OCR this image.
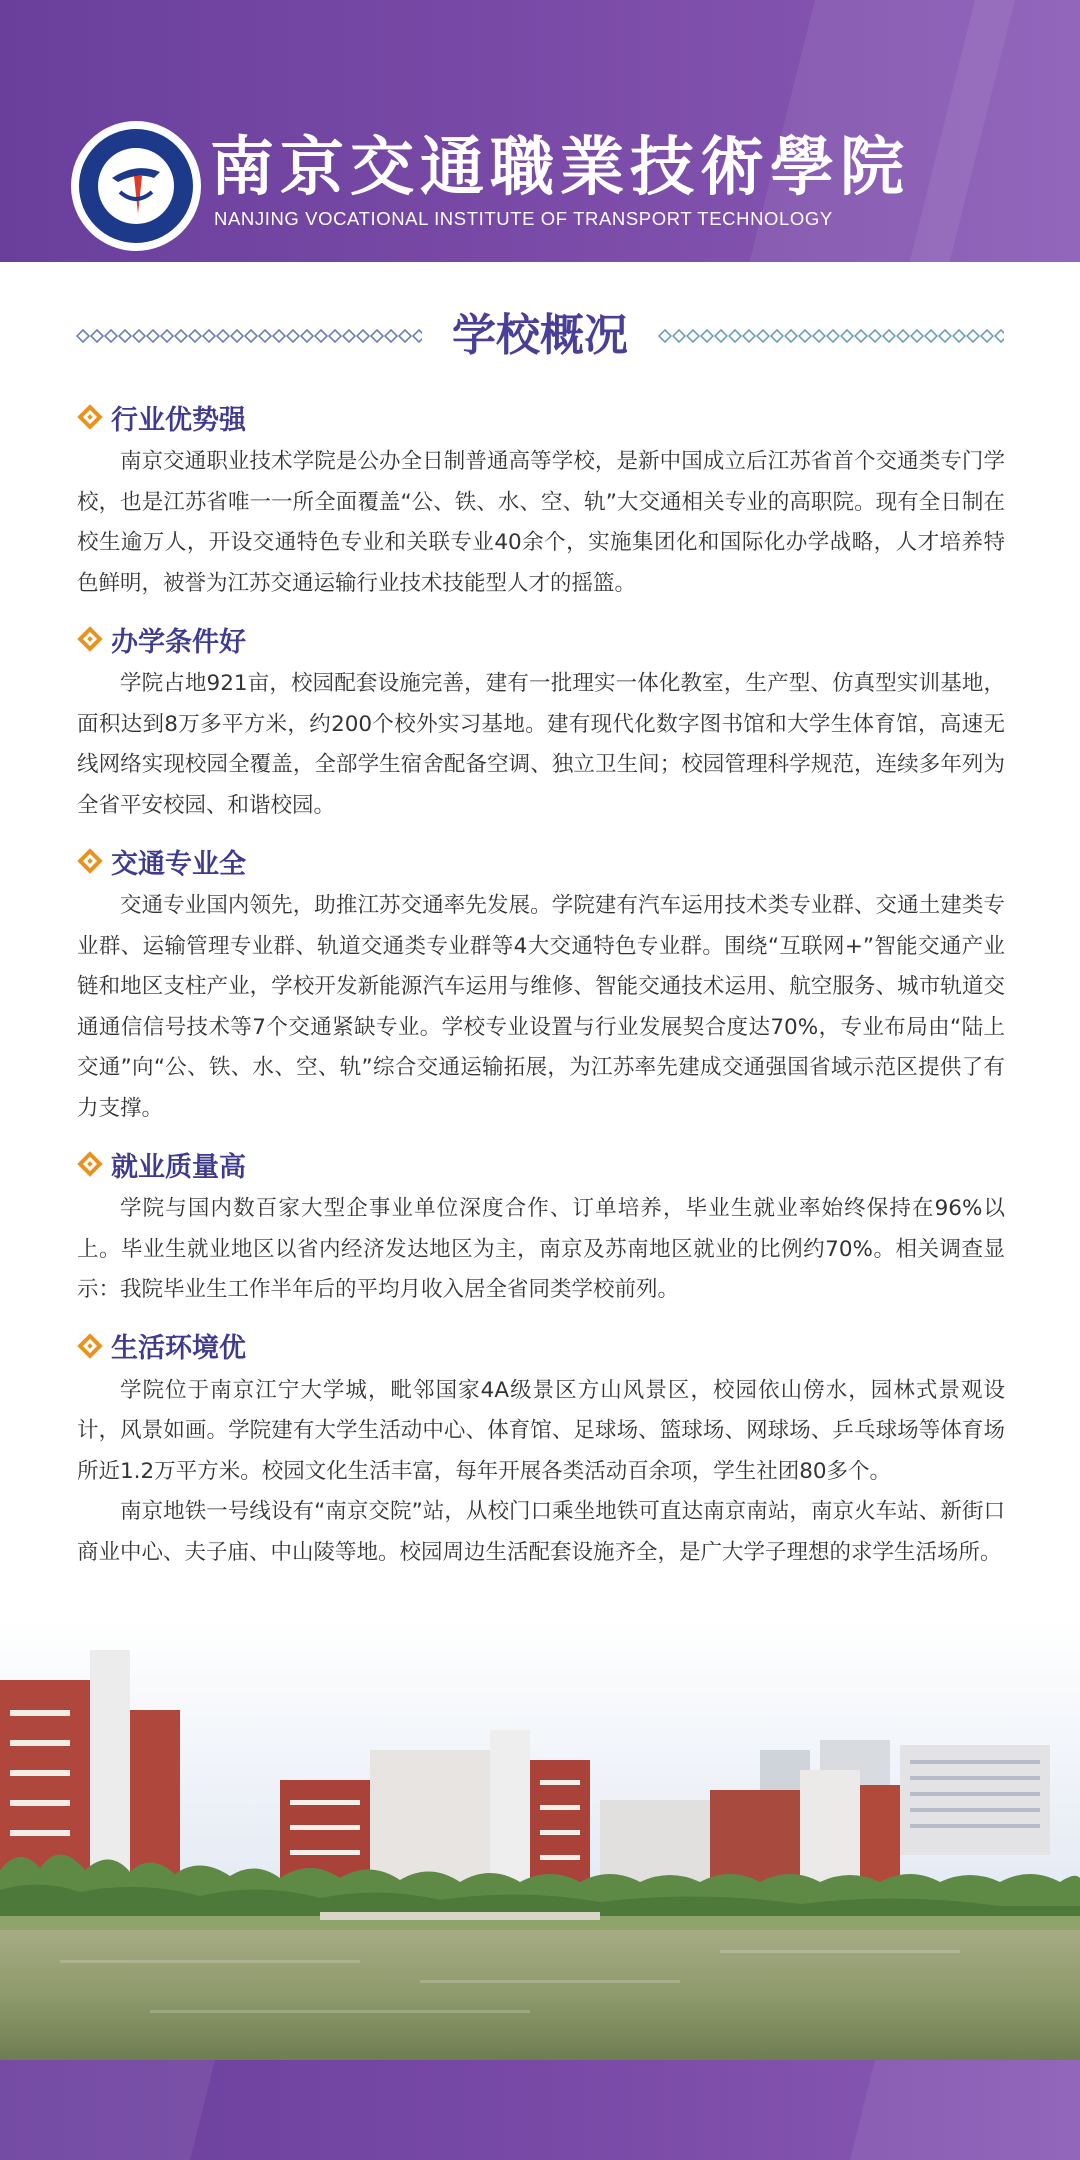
南京交通職業技術學院
NANJING VOCATIONAL INSTITUTE OF TRANSPORT TECHNOLOGY
学校概况
行业优势强

南京交通职业技术学院是公办全日制普通高等学校，是新中国成立后江苏省首个交通类专门学校，也是江苏省唯一一所全面覆盖“公、铁、水、空、轨”大交通相关专业的高职院。现有全日制在校生逾万人，开设交通特色专业和关联专业40余个，实施集团化和国际化办学战略，人才培养特色鲜明，被誉为江苏交通运输行业技术技能型人才的摇篮。

办学条件好

学院占地921亩，校园配套设施完善，建有一批理实一体化教室，生产型、仿真型实训基地，面积达到8万多平方米，约200个校外实习基地。建有现代化数字图书馆和大学生体育馆，高速无线网络实现校园全覆盖，全部学生宿舍配备空调、独立卫生间；校园管理科学规范，连续多年列为全省平安校园、和谐校园。

交通专业全

交通专业国内领先，助推江苏交通率先发展。学院建有汽车运用技术类专业群、交通土建类专业群、运输管理专业群、轨道交通类专业群等4大交通特色专业群。围绕“互联网+”智能交通产业链和地区支柱产业，学校开发新能源汽车运用与维修、智能交通技术运用、航空服务、城市轨道交通通信信号技术等7个交通紧缺专业。学校专业设置与行业发展契合度达70%，专业布局由“陆上交通”向“公、铁、水、空、轨”综合交通运输拓展，为江苏率先建成交通强国省域示范区提供了有力支撑。

就业质量高

学院与国内数百家大型企事业单位深度合作、订单培养，毕业生就业率始终保持在96%以上。毕业生就业地区以省内经济发达地区为主，南京及苏南地区就业的比例约70%。相关调查显示：我院毕业生工作半年后的平均月收入居全省同类学校前列。

生活环境优

学院位于南京江宁大学城，毗邻国家4A级景区方山风景区，校园依山傍水，园林式景观设计，风景如画。学院建有大学生活动中心、体育馆、足球场、篮球场、网球场、乒乓球场等体育场所近1.2万平方米。校园文化生活丰富，每年开展各类活动百余项，学生社团80多个。

南京地铁一号线设有“南京交院”站，从校门口乘坐地铁可直达南京南站，南京火车站、新街口商业中心、夫子庙、中山陵等地。校园周边生活配套设施齐全，是广大学子理想的求学生活场所。
